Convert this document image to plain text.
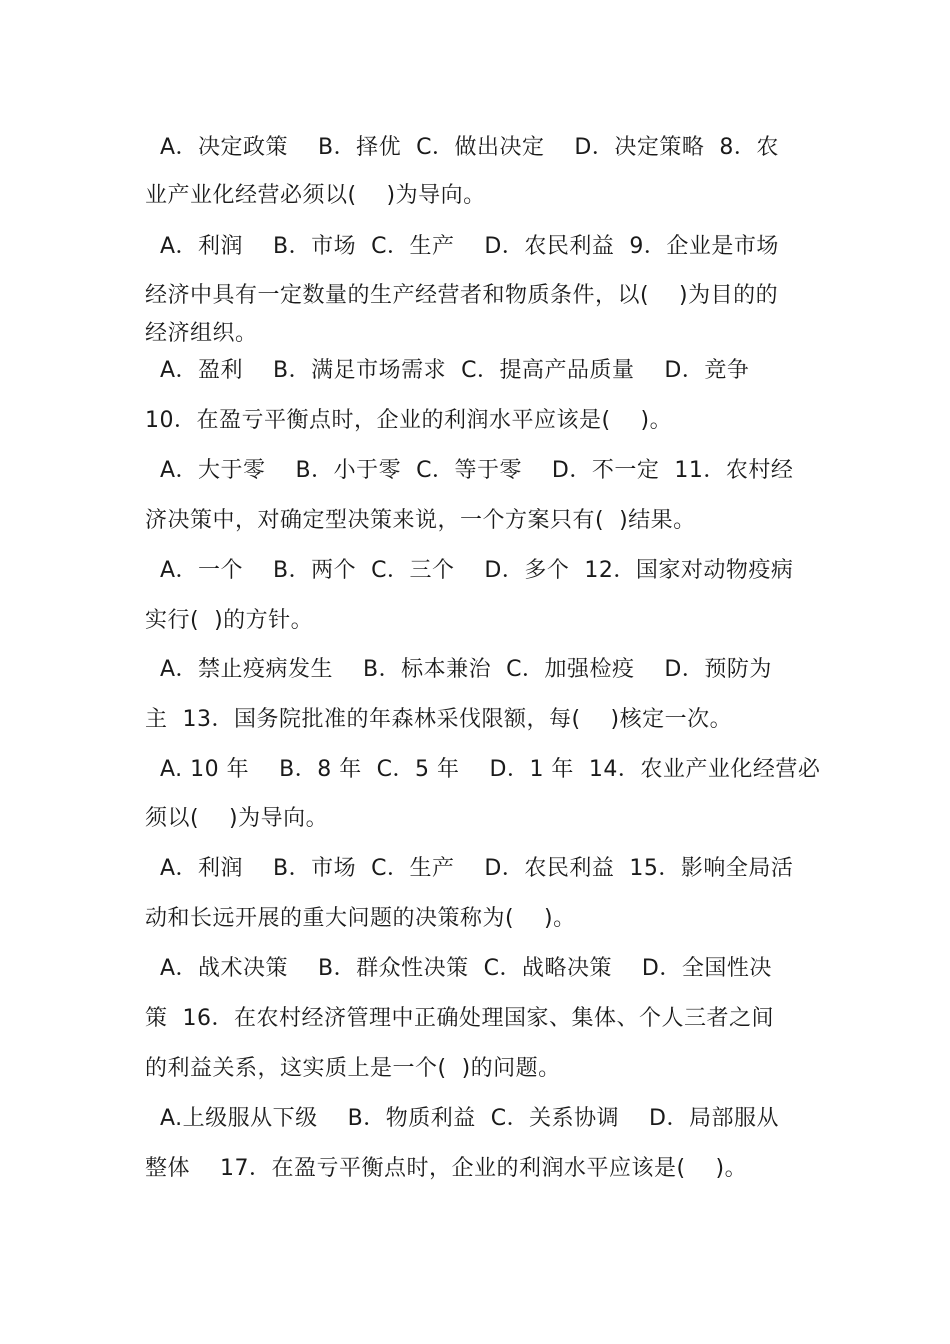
A．决定政策    B．择优  C．做出决定    D．决定策略  8．农
业产业化经营必须以(    )为导向。
A．利润    B．市场  C．生产    D．农民利益  9．企业是市场
经济中具有一定数量的生产经营者和物质条件，以(    )为目的的
经济组织。
A．盈利    B．满足市场需求  C．提高产品质量    D．竞争
10．在盈亏平衡点时，企业的利润水平应该是(    )。
A．大于零    B．小于零  C．等于零    D．不一定  11．农村经
济决策中，对确定型决策来说，一个方案只有(  )结果。
A．一个    B．两个  C．三个    D．多个  12．国家对动物疫病
实行(  )的方针。
A．禁止疫病发生    B．标本兼治  C．加强检疫    D．预防为
主  13．国务院批准的年森林采伐限额，每(    )核定一次。
A. 10 年    B．8 年  C．5 年    D．1 年  14．农业产业化经营必
须以(    )为导向。
A．利润    B．市场  C．生产    D．农民利益  15．影响全局活
动和长远开展的重大问题的决策称为(    )。
A．战术决策    B．群众性决策  C．战略决策    D．全国性决
策  16．在农村经济管理中正确处理国家、集体、个人三者之间
的利益关系，这实质上是一个(  )的问题。
A.上级服从下级    B．物质利益  C．关系协调    D．局部服从
整体    17．在盈亏平衡点时，企业的利润水平应该是(    )。
